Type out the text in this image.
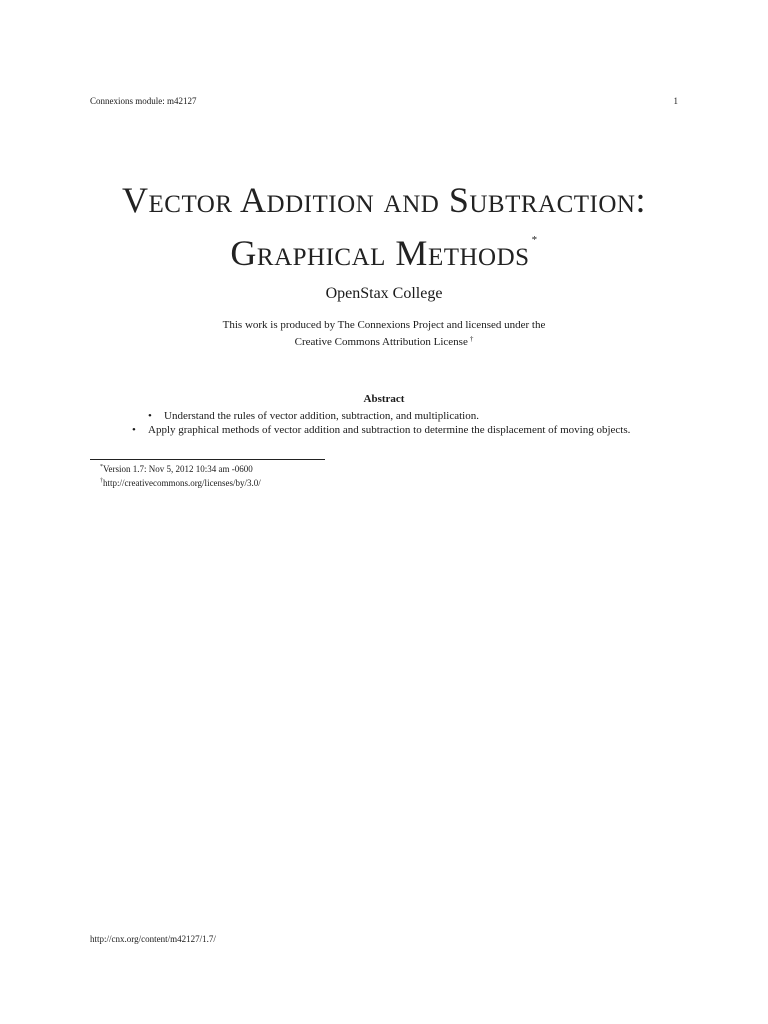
Connexions module: m42127	1
Vector Addition and Subtraction:
Graphical Methods *
OpenStax College
This work is produced by The Connexions Project and licensed under the
Creative Commons Attribution License †
Abstract
• Understand the rules of vector addition, subtraction, and multiplication.
• Apply graphical methods of vector addition and subtraction to determine the displacement of moving objects.
*Version 1.7: Nov 5, 2012 10:34 am -0600
†http://creativecommons.org/licenses/by/3.0/
http://cnx.org/content/m42127/1.7/
